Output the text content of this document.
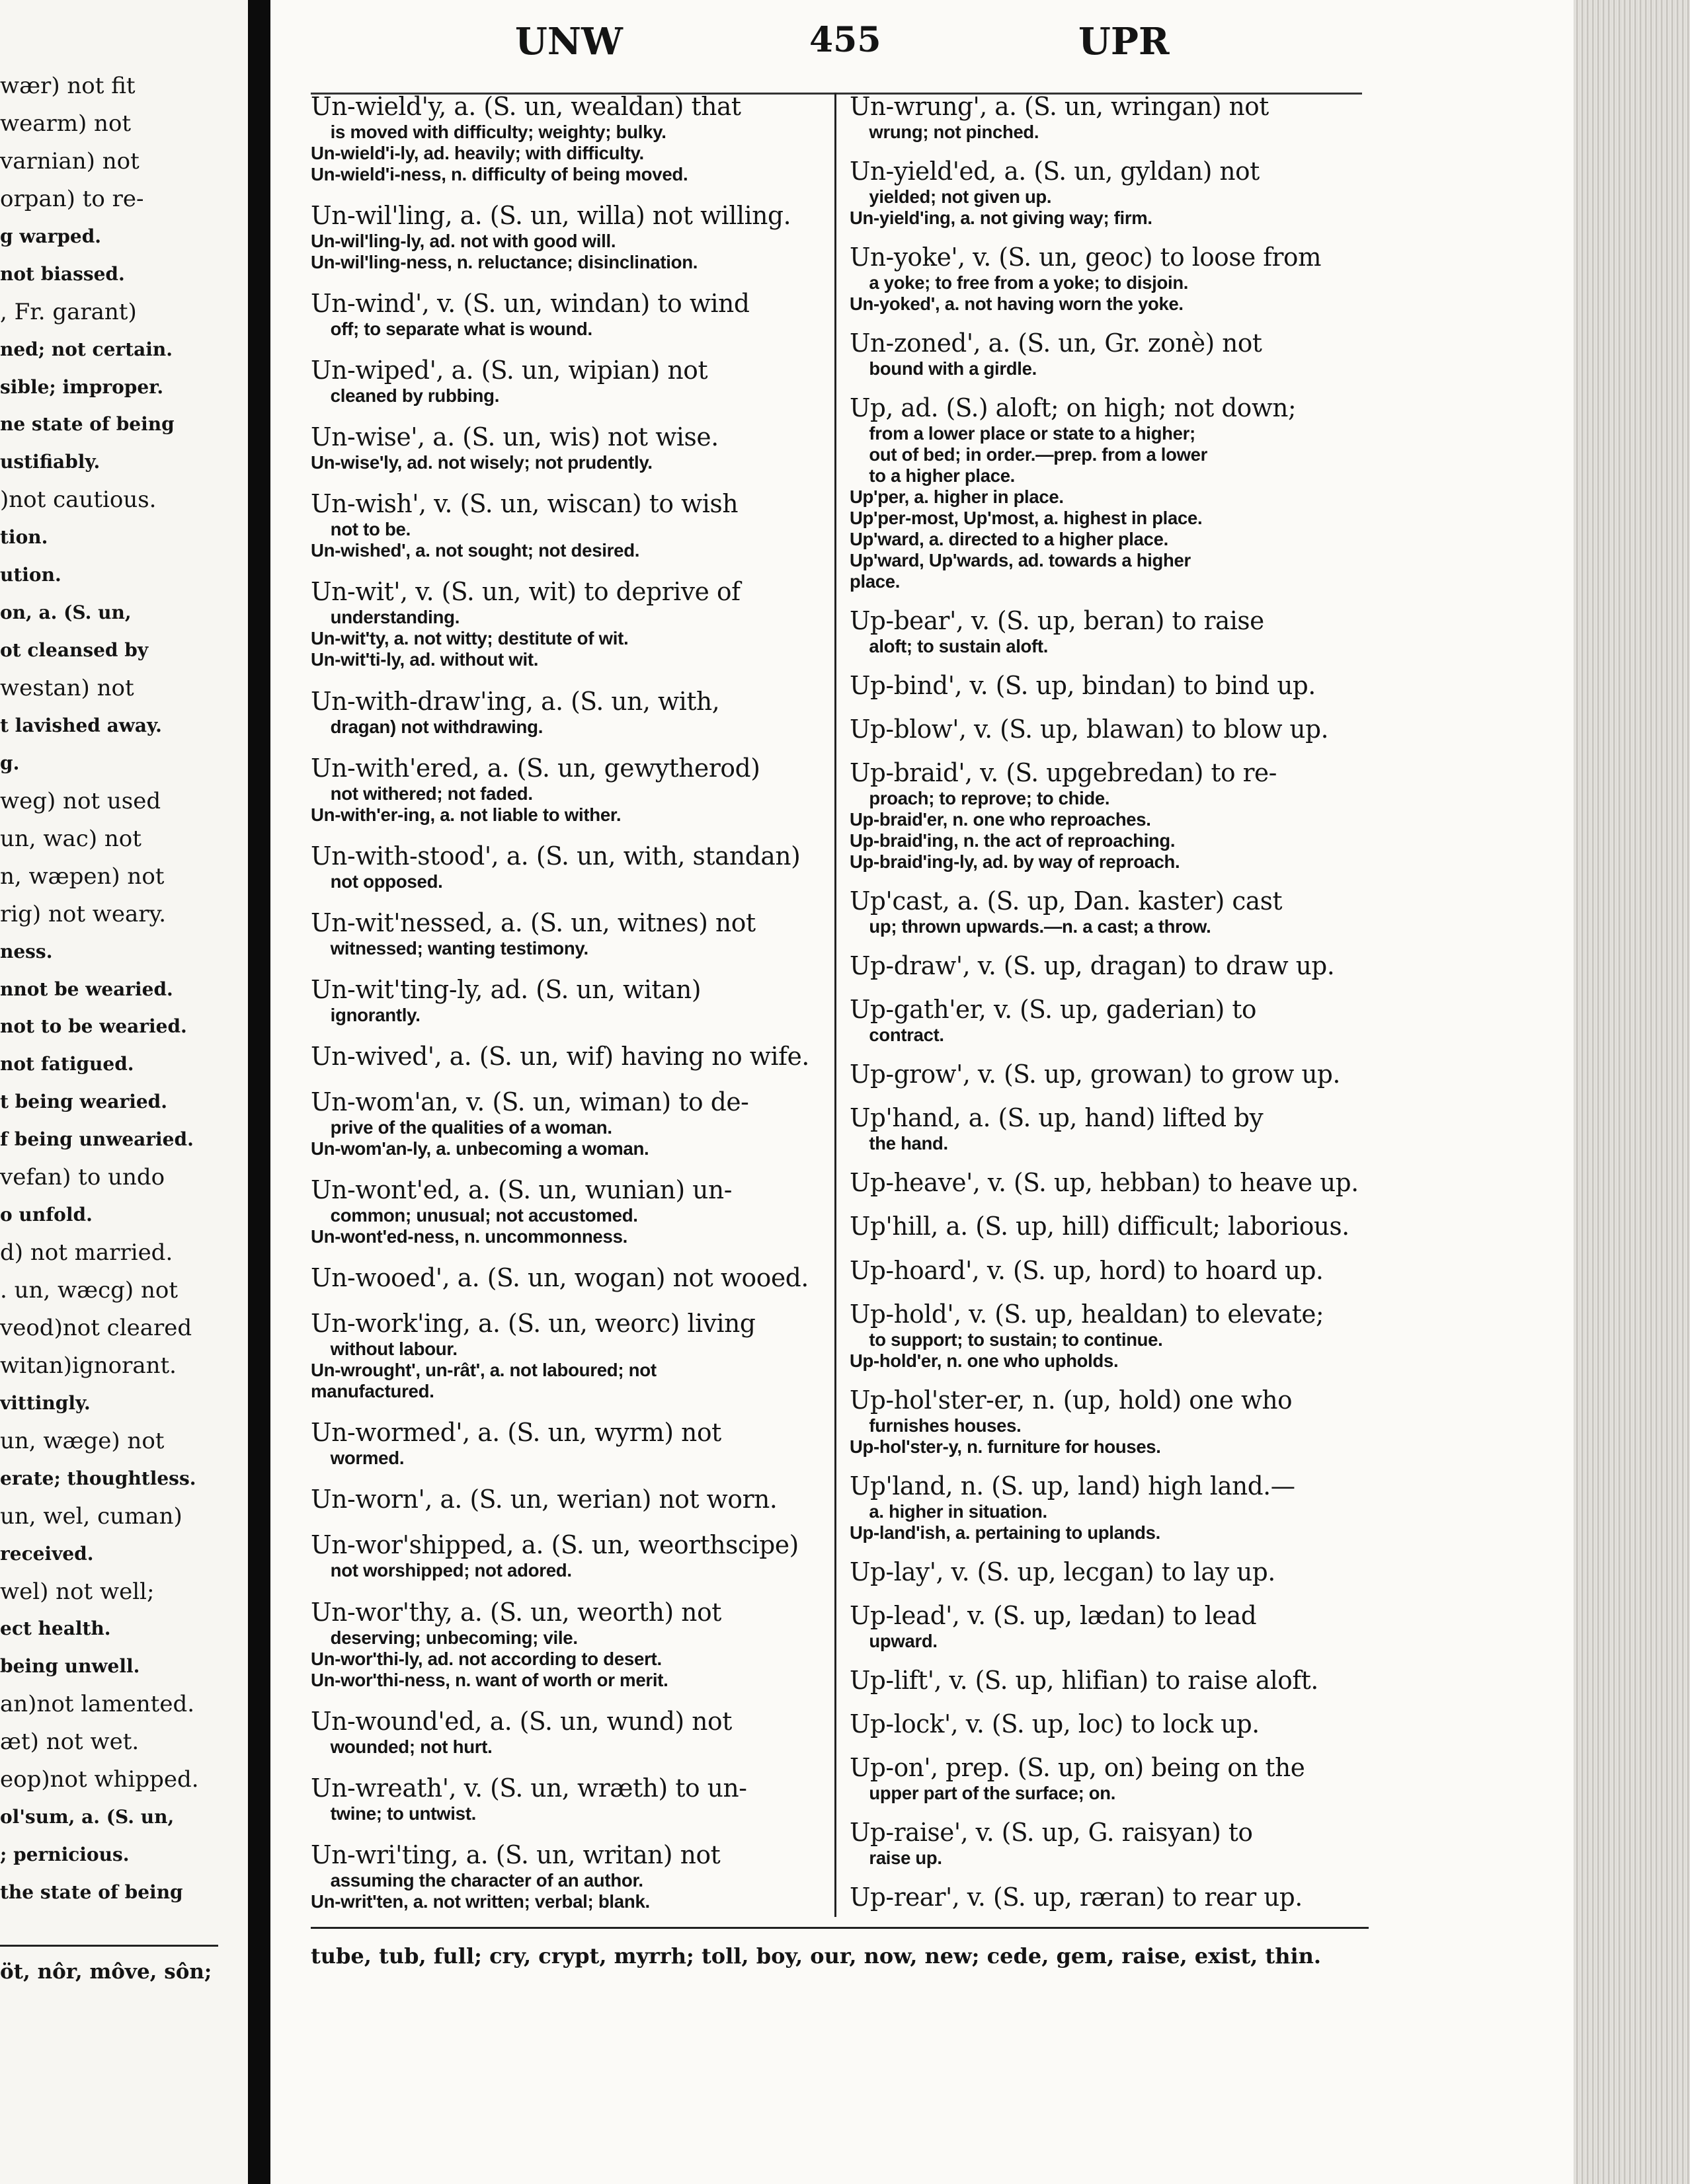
wær) not fit
wearm) not
varnian) not
orpan) to re-
g warped.
not biassed.
, Fr. garant)
ned; not certain.
sible; improper.
ne state of being
ustifiably.
)not cautious.
tion.
ution.
on, a. (S. un,
ot cleansed by
westan) not
t lavished away.
g.
weg) not used
un, wac) not
n, wæpen) not
rig) not weary.
ness.
nnot be wearied.
not to be wearied.
not fatigued.
t being wearied.
f being unwearied.
vefan) to undo
o unfold.
d) not married.
. un, wæcg) not
veod)not cleared
witan)ignorant.
vittingly.
un, wæge) not
erate; thoughtless.
un, wel, cuman)
received.
wel) not well;
ect health.
being unwell.
an)not lamented.
æt) not wet.
eop)not whipped.
ol'sum, a. (S. un,
; pernicious.
the state of being
öt, nôr, môve, sôn;
UNW	455	UPR
Un-wield'y, a. (S. un, wealdan) that
is moved with difficulty; weighty; bulky.
Un-wield'i-ly, ad. heavily; with difficulty.
Un-wield'i-ness, n. difficulty of being moved.
Un-wil'ling, a. (S. un, willa) not willing.
Un-wil'ling-ly, ad. not with good will.
Un-wil'ling-ness, n. reluctance; disinclination.
Un-wind', v. (S. un, windan) to wind
off; to separate what is wound.
Un-wiped', a. (S. un, wipian) not
cleaned by rubbing.
Un-wise', a. (S. un, wis) not wise.
Un-wise'ly, ad. not wisely; not prudently.
Un-wish', v. (S. un, wiscan) to wish
not to be.
Un-wished', a. not sought; not desired.
Un-wit', v. (S. un, wit) to deprive of
understanding.
Un-wit'ty, a. not witty; destitute of wit.
Un-wit'ti-ly, ad. without wit.
Un-with-draw'ing, a. (S. un, with,
dragan) not withdrawing.
Un-with'ered, a. (S. un, gewytherod)
not withered; not faded.
Un-with'er-ing, a. not liable to wither.
Un-with-stood', a. (S. un, with, standan)
not opposed.
Un-wit'nessed, a. (S. un, witnes) not
witnessed; wanting testimony.
Un-wit'ting-ly, ad. (S. un, witan)
ignorantly.
Un-wived', a. (S. un, wif) having no wife.
Un-wom'an, v. (S. un, wiman) to de-
prive of the qualities of a woman.
Un-wom'an-ly, a. unbecoming a woman.
Un-wont'ed, a. (S. un, wunian) un-
common; unusual; not accustomed.
Un-wont'ed-ness, n. uncommonness.
Un-wooed', a. (S. un, wogan) not wooed.
Un-work'ing, a. (S. un, weorc) living
without labour.
Un-wrought', un-rât', a. not laboured; not
manufactured.
Un-wormed', a. (S. un, wyrm) not
wormed.
Un-worn', a. (S. un, werian) not worn.
Un-wor'shipped, a. (S. un, weorthscipe)
not worshipped; not adored.
Un-wor'thy, a. (S. un, weorth) not
deserving; unbecoming; vile.
Un-wor'thi-ly, ad. not according to desert.
Un-wor'thi-ness, n. want of worth or merit.
Un-wound'ed, a. (S. un, wund) not
wounded; not hurt.
Un-wreath', v. (S. un, wræth) to un-
twine; to untwist.
Un-wri'ting, a. (S. un, writan) not
assuming the character of an author.
Un-writ'ten, a. not written; verbal; blank.
Un-wrung', a. (S. un, wringan) not
wrung; not pinched.
Un-yield'ed, a. (S. un, gyldan) not
yielded; not given up.
Un-yield'ing, a. not giving way; firm.
Un-yoke', v. (S. un, geoc) to loose from
a yoke; to free from a yoke; to disjoin.
Un-yoked', a. not having worn the yoke.
Un-zoned', a. (S. un, Gr. zonè) not
bound with a girdle.
Up, ad. (S.) aloft; on high; not down;
from a lower place or state to a higher;
out of bed; in order.—prep. from a lower
to a higher place.
Up'per, a. higher in place.
Up'per-most, Up'most, a. highest in place.
Up'ward, a. directed to a higher place.
Up'ward, Up'wards, ad. towards a higher
place.
Up-bear', v. (S. up, beran) to raise
aloft; to sustain aloft.
Up-bind', v. (S. up, bindan) to bind up.
Up-blow', v. (S. up, blawan) to blow up.
Up-braid', v. (S. upgebredan) to re-
proach; to reprove; to chide.
Up-braid'er, n. one who reproaches.
Up-braid'ing, n. the act of reproaching.
Up-braid'ing-ly, ad. by way of reproach.
Up'cast, a. (S. up, Dan. kaster) cast
up; thrown upwards.—n. a cast; a throw.
Up-draw', v. (S. up, dragan) to draw up.
Up-gath'er, v. (S. up, gaderian) to
contract.
Up-grow', v. (S. up, growan) to grow up.
Up'hand, a. (S. up, hand) lifted by
the hand.
Up-heave', v. (S. up, hebban) to heave up.
Up'hill, a. (S. up, hill) difficult; laborious.
Up-hoard', v. (S. up, hord) to hoard up.
Up-hold', v. (S. up, healdan) to elevate;
to support; to sustain; to continue.
Up-hold'er, n. one who upholds.
Up-hol'ster-er, n. (up, hold) one who
furnishes houses.
Up-hol'ster-y, n. furniture for houses.
Up'land, n. (S. up, land) high land.—
a. higher in situation.
Up-land'ish, a. pertaining to uplands.
Up-lay', v. (S. up, lecgan) to lay up.
Up-lead', v. (S. up, lædan) to lead
upward.
Up-lift', v. (S. up, hlifian) to raise aloft.
Up-lock', v. (S. up, loc) to lock up.
Up-on', prep. (S. up, on) being on the
upper part of the surface; on.
Up-raise', v. (S. up, G. raisyan) to
raise up.
Up-rear', v. (S. up, ræran) to rear up.
tube, tub, full; cry, crypt, myrrh; toll, boy, our, now, new; cede, gem, raise, exist, thin.
